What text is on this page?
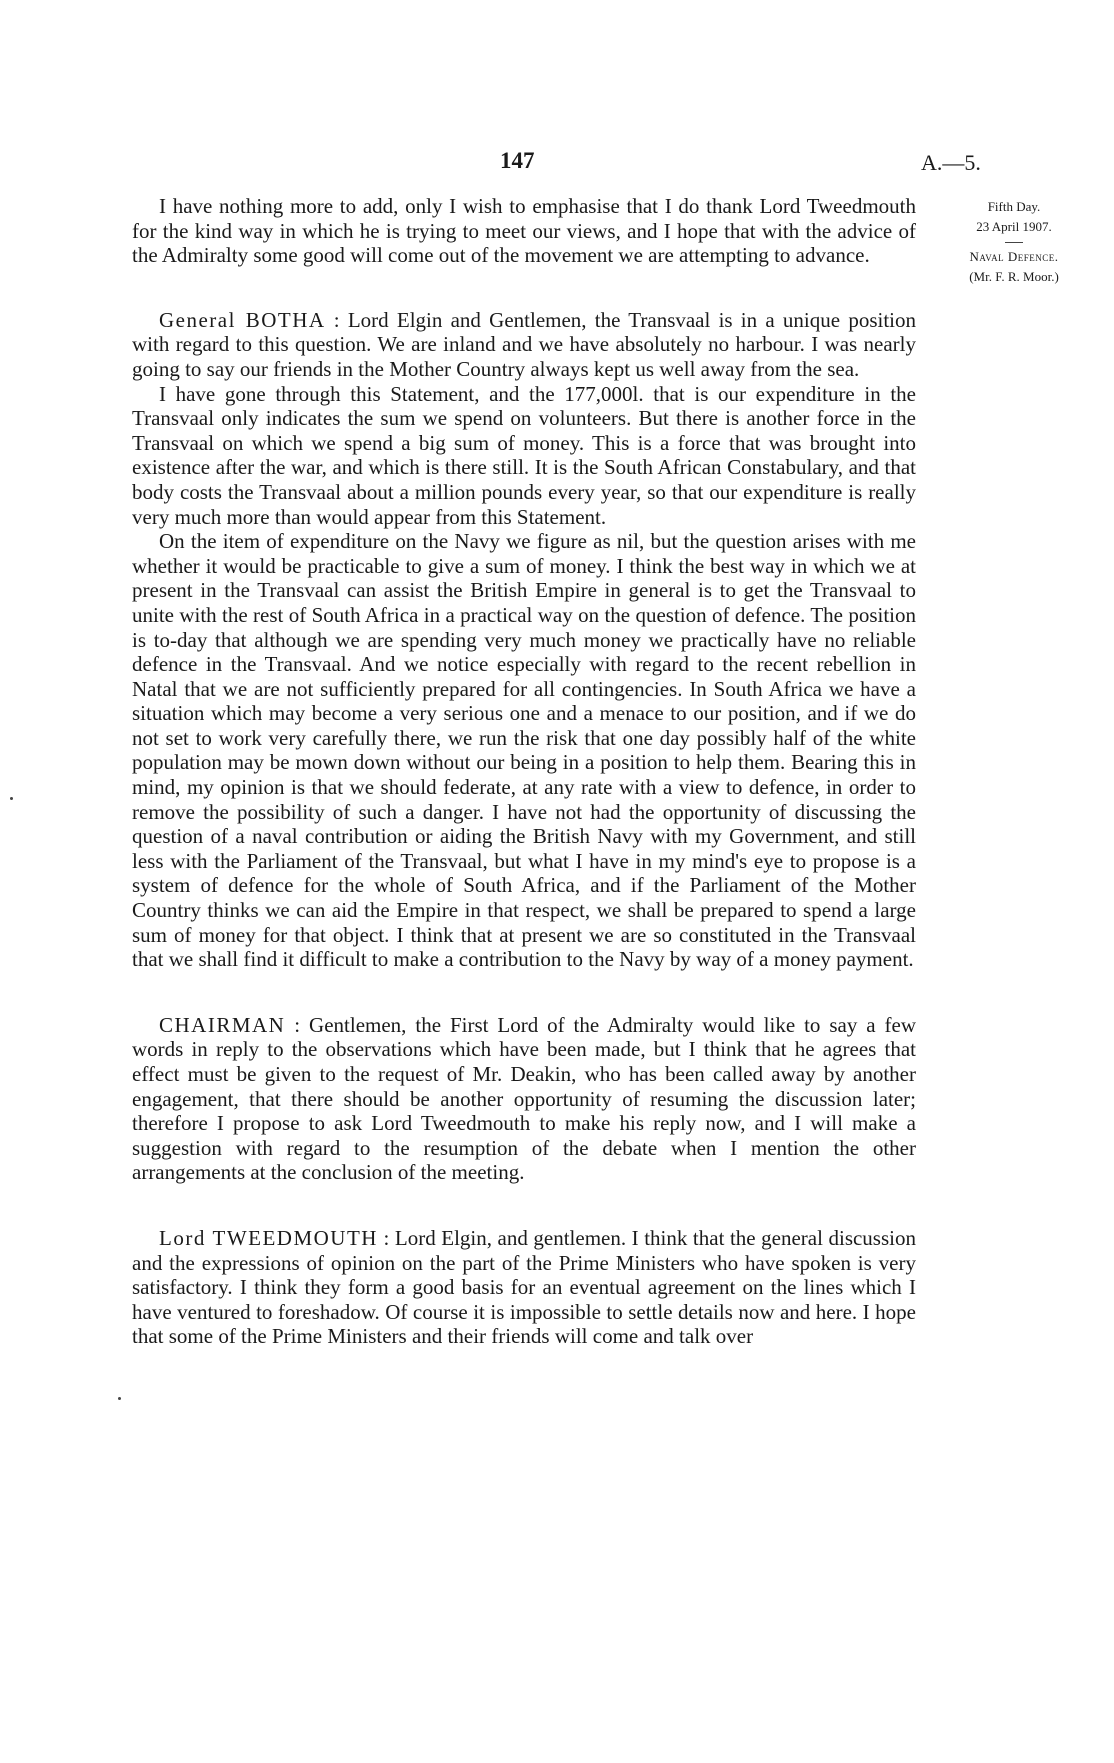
147	A.—5.
Fifth Day.
23 April 1907.
Naval Defence.
(Mr. F. R. Moor.)

I have nothing more to add, only I wish to emphasise that I do thank Lord Tweedmouth for the kind way in which he is trying to meet our views, and I hope that with the advice of the Admiralty some good will come out of the movement we are attempting to advance.

General BOTHA : Lord Elgin and Gentlemen, the Transvaal is in a unique position with regard to this question. We are inland and we have absolutely no harbour. I was nearly going to say our friends in the Mother Country always kept us well away from the sea.

I have gone through this Statement, and the 177,000l. that is our expenditure in the Transvaal only indicates the sum we spend on volunteers. But there is another force in the Transvaal on which we spend a big sum of money. This is a force that was brought into existence after the war, and which is there still. It is the South African Constabulary, and that body costs the Transvaal about a million pounds every year, so that our expenditure is really very much more than would appear from this Statement.

On the item of expenditure on the Navy we figure as nil, but the question arises with me whether it would be practicable to give a sum of money. I think the best way in which we at present in the Transvaal can assist the British Empire in general is to get the Transvaal to unite with the rest of South Africa in a practical way on the question of defence. The position is to-day that although we are spending very much money we practically have no reliable defence in the Transvaal. And we notice especially with regard to the recent rebellion in Natal that we are not sufficiently prepared for all contingencies. In South Africa we have a situation which may become a very serious one and a menace to our position, and if we do not set to work very carefully there, we run the risk that one day possibly half of the white population may be mown down without our being in a position to help them. Bearing this in mind, my opinion is that we should federate, at any rate with a view to defence, in order to remove the possibility of such a danger. I have not had the opportunity of discussing the question of a naval contribution or aiding the British Navy with my Government, and still less with the Parliament of the Transvaal, but what I have in my mind's eye to propose is a system of defence for the whole of South Africa, and if the Parliament of the Mother Country thinks we can aid the Empire in that respect, we shall be prepared to spend a large sum of money for that object. I think that at present we are so constituted in the Transvaal that we shall find it difficult to make a contribution to the Navy by way of a money payment.

CHAIRMAN : Gentlemen, the First Lord of the Admiralty would like to say a few words in reply to the observations which have been made, but I think that he agrees that effect must be given to the request of Mr. Deakin, who has been called away by another engagement, that there should be another opportunity of resuming the discussion later; therefore I propose to ask Lord Tweedmouth to make his reply now, and I will make a suggestion with regard to the resumption of the debate when I mention the other arrangements at the conclusion of the meeting.

Lord TWEEDMOUTH : Lord Elgin, and gentlemen. I think that the general discussion and the expressions of opinion on the part of the Prime Ministers who have spoken is very satisfactory. I think they form a good basis for an eventual agreement on the lines which I have ventured to foreshadow. Of course it is impossible to settle details now and here. I hope that some of the Prime Ministers and their friends will come and talk over
